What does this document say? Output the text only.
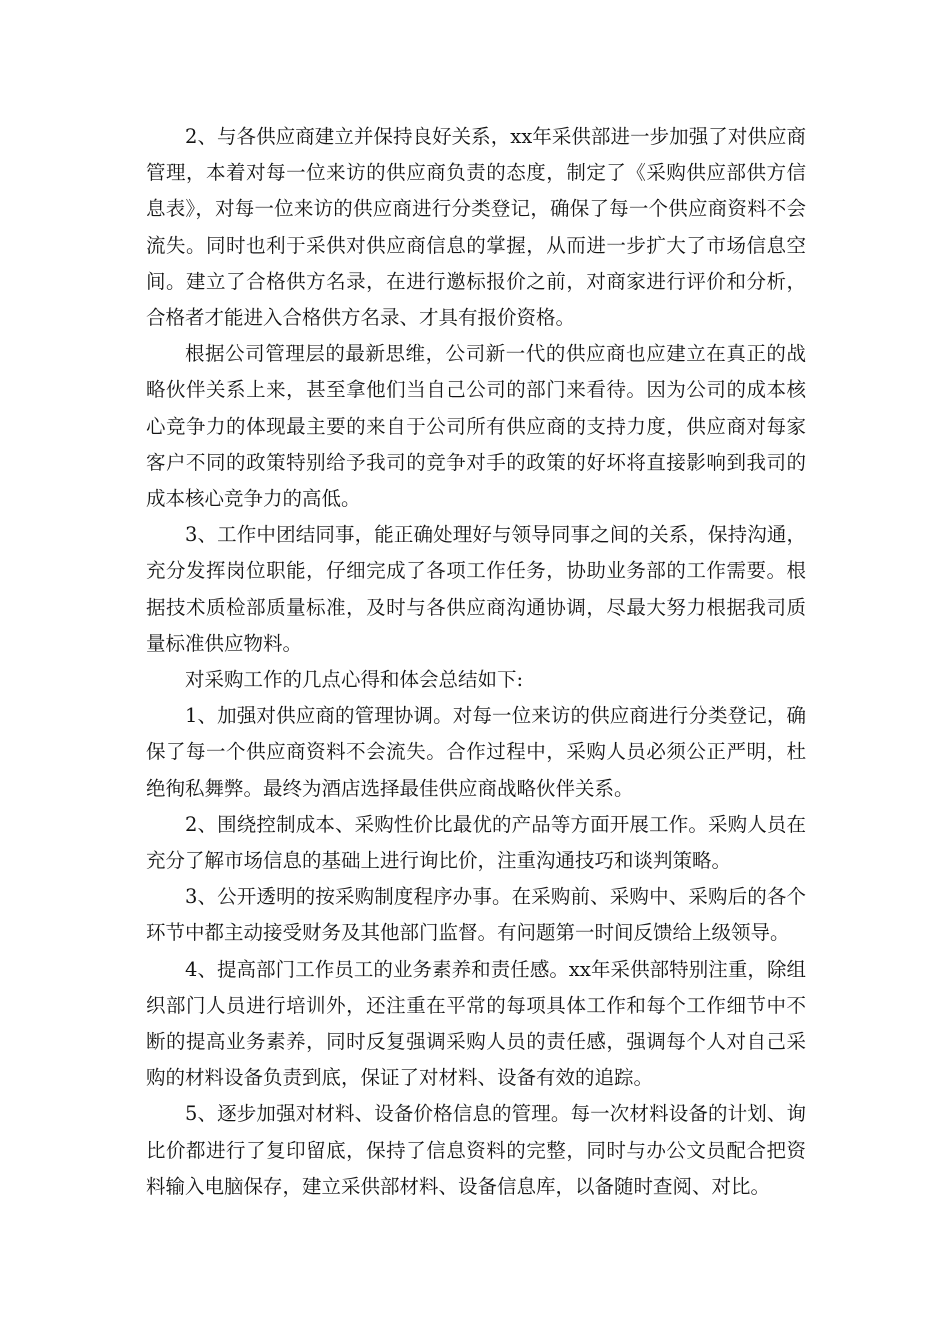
2、与各供应商建立并保持良好关系，xx年采供部进一步加强了对供应商管理，本着对每一位来访的供应商负责的态度，制定了《采购供应部供方信息表》，对每一位来访的供应商进行分类登记，确保了每一个供应商资料不会流失。同时也利于采供对供应商信息的掌握，从而进一步扩大了市场信息空间。建立了合格供方名录，在进行邀标报价之前，对商家进行评价和分析，合格者才能进入合格供方名录、才具有报价资格。

根据公司管理层的最新思维，公司新一代的供应商也应建立在真正的战略伙伴关系上来，甚至拿他们当自己公司的部门来看待。因为公司的成本核心竞争力的体现最主要的来自于公司所有供应商的支持力度，供应商对每家客户不同的政策特别给予我司的竞争对手的政策的好坏将直接影响到我司的成本核心竞争力的高低。

3、工作中团结同事，能正确处理好与领导同事之间的关系，保持沟通，充分发挥岗位职能，仔细完成了各项工作任务，协助业务部的工作需要。根据技术质检部质量标准，及时与各供应商沟通协调，尽最大努力根据我司质量标准供应物料。

对采购工作的几点心得和体会总结如下:

1、加强对供应商的管理协调。对每一位来访的供应商进行分类登记，确保了每一个供应商资料不会流失。合作过程中，采购人员必须公正严明，杜绝徇私舞弊。最终为酒店选择最佳供应商战略伙伴关系。

2、围绕控制成本、采购性价比最优的产品等方面开展工作。采购人员在充分了解市场信息的基础上进行询比价，注重沟通技巧和谈判策略。

3、公开透明的按采购制度程序办事。在采购前、采购中、采购后的各个环节中都主动接受财务及其他部门监督。有问题第一时间反馈给上级领导。

4、提高部门工作员工的业务素养和责任感。xx年采供部特别注重，除组织部门人员进行培训外，还注重在平常的每项具体工作和每个工作细节中不断的提高业务素养，同时反复强调采购人员的责任感，强调每个人对自己采购的材料设备负责到底，保证了对材料、设备有效的追踪。

5、逐步加强对材料、设备价格信息的管理。每一次材料设备的计划、询比价都进行了复印留底，保持了信息资料的完整，同时与办公文员配合把资料输入电脑保存，建立采供部材料、设备信息库，以备随时查阅、对比。
